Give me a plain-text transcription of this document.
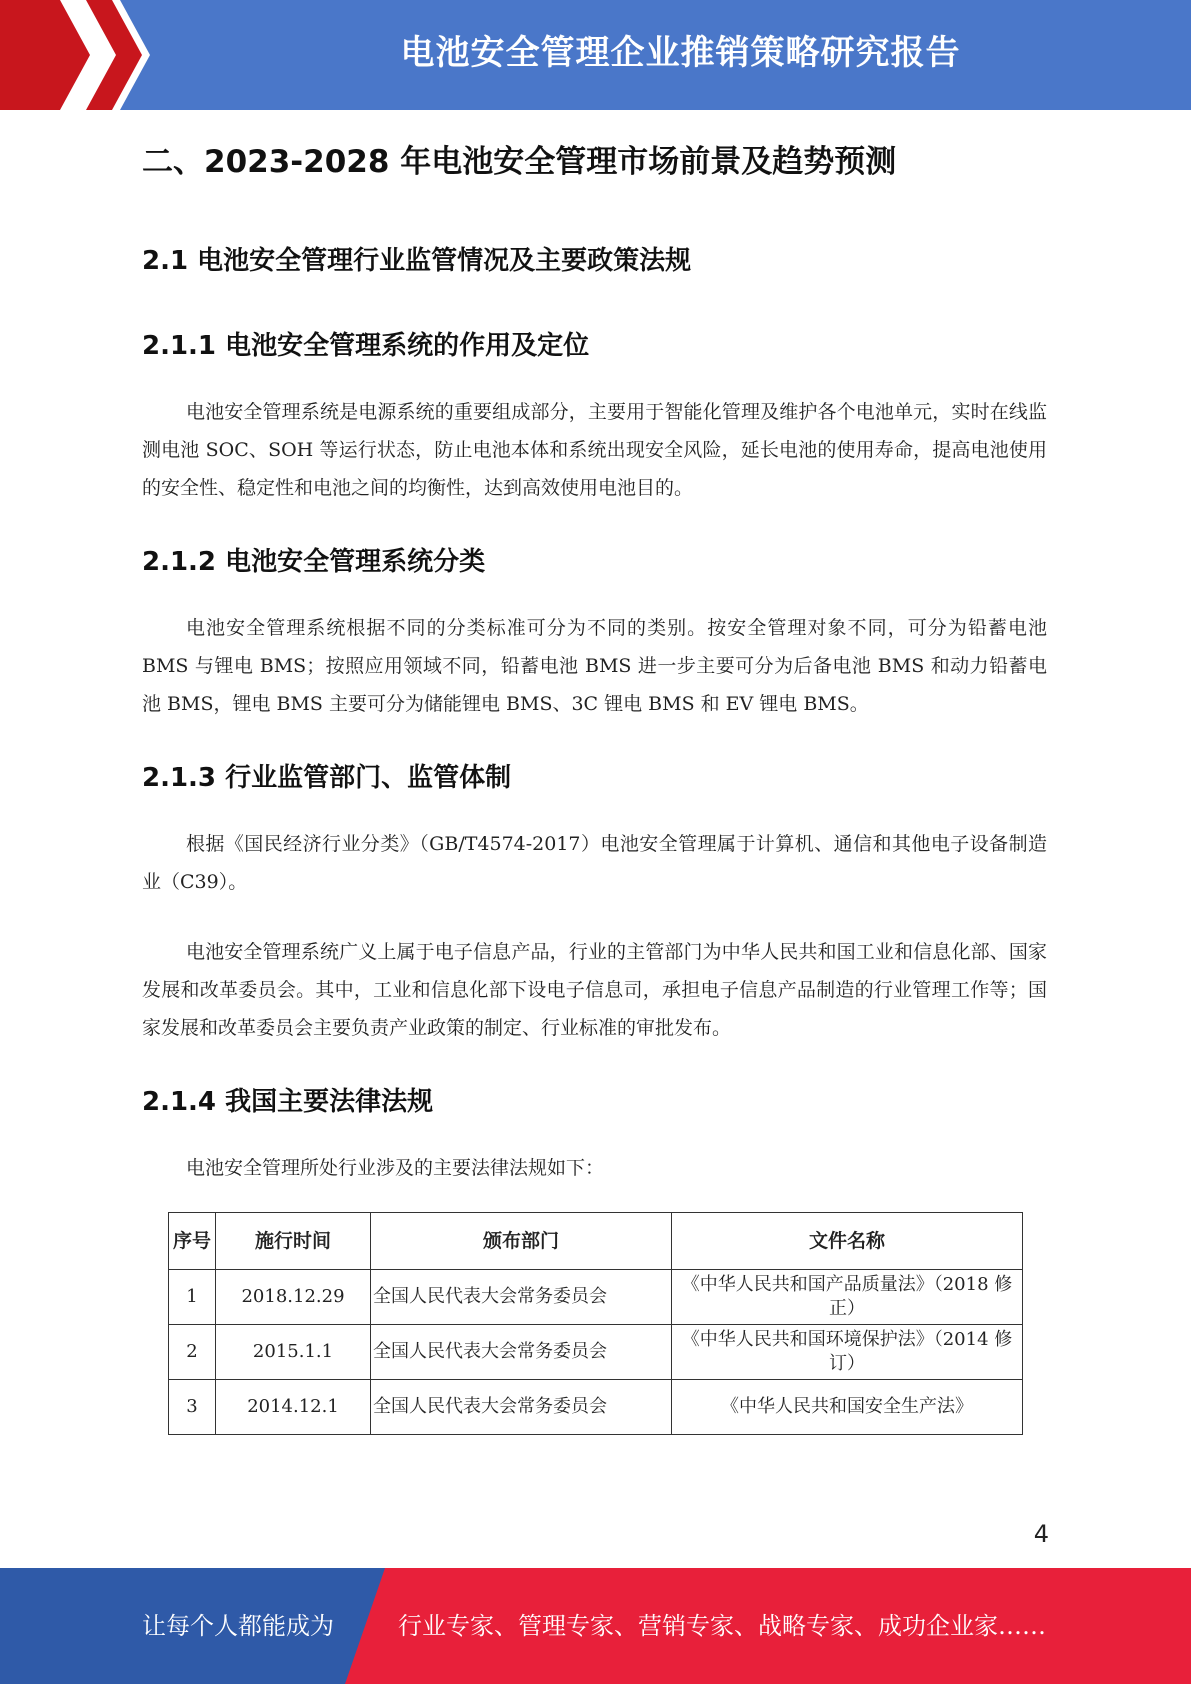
电池安全管理企业推销策略研究报告
二、2023-2028 年电池安全管理市场前景及趋势预测
2.1 电池安全管理行业监管情况及主要政策法规
2.1.1 电池安全管理系统的作用及定位
电池安全管理系统是电源系统的重要组成部分，主要用于智能化管理及维护各个电池单元，实时在线监测电池 SOC、SOH 等运行状态，防止电池本体和系统出现安全风险，延长电池的使用寿命，提高电池使用的安全性、稳定性和电池之间的均衡性，达到高效使用电池目的。
2.1.2 电池安全管理系统分类
电池安全管理系统根据不同的分类标准可分为不同的类别。按安全管理对象不同，可分为铅蓄电池 BMS 与锂电 BMS；按照应用领域不同，铅蓄电池 BMS 进一步主要可分为后备电池 BMS 和动力铅蓄电池 BMS，锂电 BMS 主要可分为储能锂电 BMS、3C 锂电 BMS 和 EV 锂电 BMS。
2.1.3 行业监管部门、监管体制
根据《国民经济行业分类》（GB/T4574-2017）电池安全管理属于计算机、通信和其他电子设备制造业（C39）。
电池安全管理系统广义上属于电子信息产品，行业的主管部门为中华人民共和国工业和信息化部、国家发展和改革委员会。其中，工业和信息化部下设电子信息司，承担电子信息产品制造的行业管理工作等；国家发展和改革委员会主要负责产业政策的制定、行业标准的审批发布。
2.1.4 我国主要法律法规
电池安全管理所处行业涉及的主要法律法规如下：
序号	施行时间	颁布部门	文件名称
1	2018.12.29	全国人民代表大会常务委员会	《中华人民共和国产品质量法》（2018 修正）
2	2015.1.1	全国人民代表大会常务委员会	《中华人民共和国环境保护法》（2014 修订）
3	2014.12.1	全国人民代表大会常务委员会	《中华人民共和国安全生产法》
4
让每个人都能成为	行业专家、管理专家、营销专家、战略专家、成功企业家……
